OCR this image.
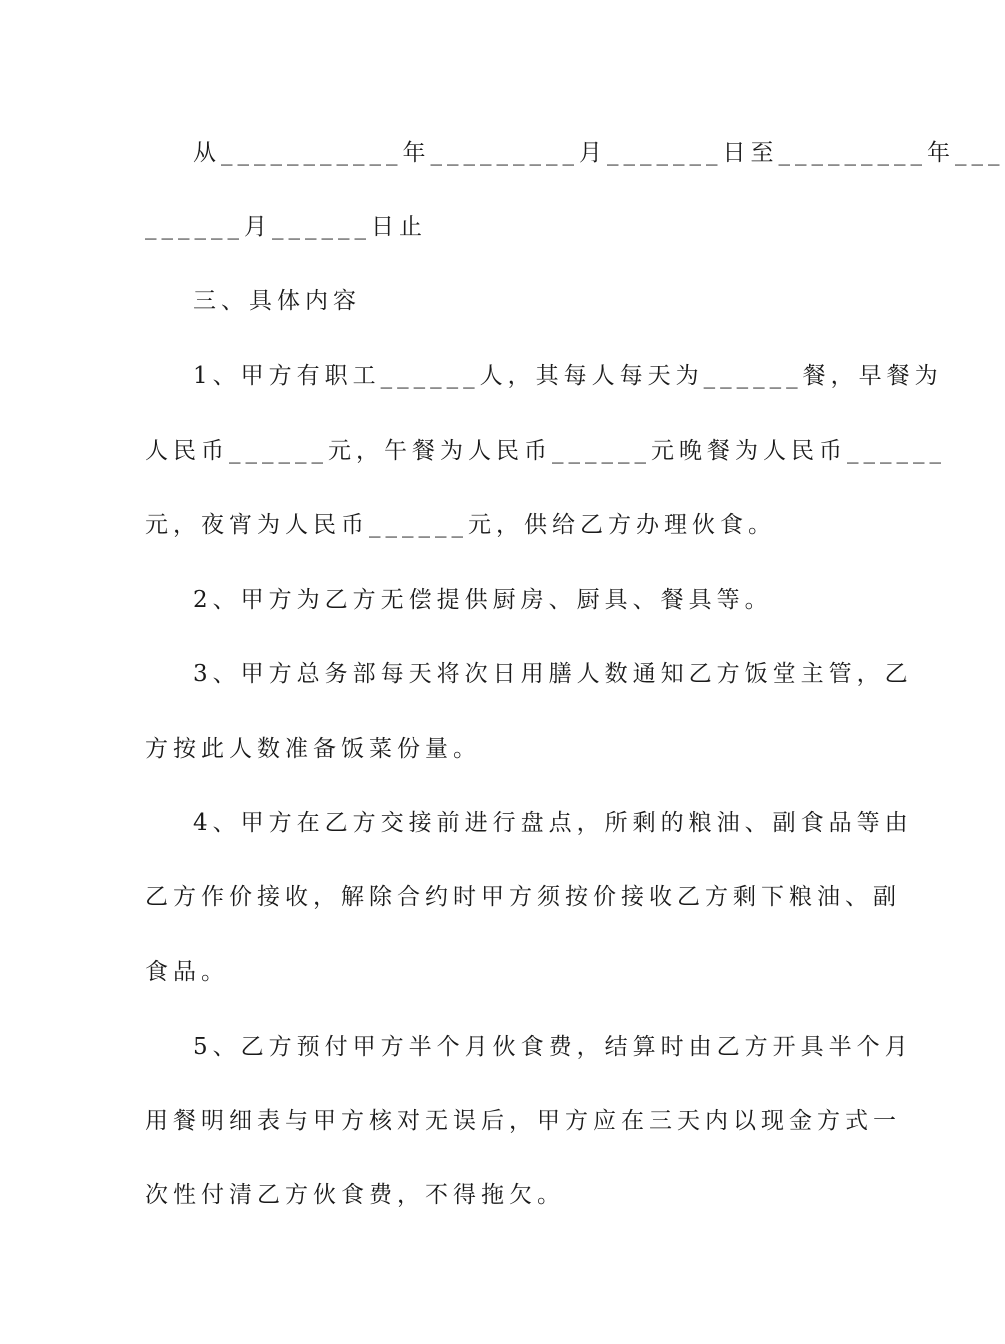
从___________年_________月_______日至_________年___
______月______日止
三、具体内容
1、甲方有职工______人，其每人每天为______餐，早餐为
人民币______元，午餐为人民币______元晚餐为人民币______
元，夜宵为人民币______元，供给乙方办理伙食。
2、甲方为乙方无偿提供厨房、厨具、餐具等。
3、甲方总务部每天将次日用膳人数通知乙方饭堂主管，乙
方按此人数准备饭菜份量。
4、甲方在乙方交接前进行盘点，所剩的粮油、副食品等由
乙方作价接收，解除合约时甲方须按价接收乙方剩下粮油、副
食品。
5、乙方预付甲方半个月伙食费，结算时由乙方开具半个月
用餐明细表与甲方核对无误后，甲方应在三天内以现金方式一
次性付清乙方伙食费，不得拖欠。
